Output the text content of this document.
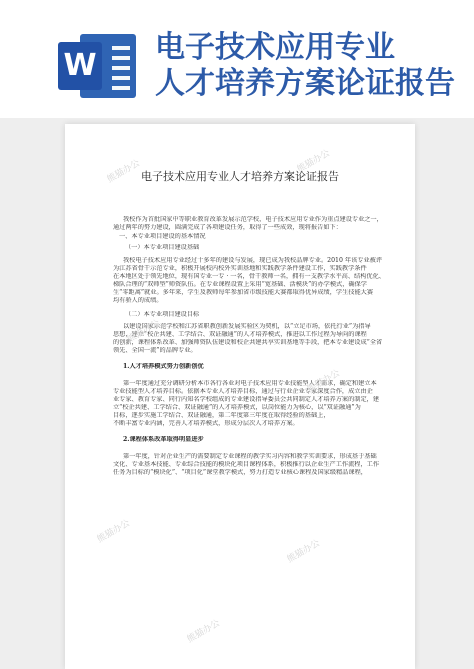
W
电子技术应用专业
人才培养方案论证报告
电子技术应用专业人才培养方案论证报告
我校作为首批国家中等职业教育改革发展示范学校，电子技术应用专业作为重点建设专业之一，
通过两年的努力建设，圆满完成了各项建设任务，取得了一些成效，现将报告如下：
一、本专业项目建设的基本情况
（一）本专业项目建设基础
我校电子技术应用专业经过十多年的建设与发展，现已成为我校品牌专业。2010 年该专业被评
为江苏省骨干示范专业，积极开展校内校外实训基地和实践教学条件建设工作，实践教学条件
在本地区处于领先地位，现有国专业一专 · 一名，骨干教师一名，拥有一支教学水平高、结构优化、
梯队合理的“双师型”师资队伍。在专业课程设置上采用“宽基础、活模块”的办学模式，确保学
生“零距离”就业。多年来，学生及教师每年参加省市级技能大赛都取得优异成绩，学生技能大赛
均有骄人的成绩。
（二）本专业项目建设目标
以建设国家示范学校和江苏省职教创新发展实验区为契机，以“立足市场，依托行业”为指导
思想，建立“校企共建、工学结合、双证融通”的人才培养模式，推进以工作过程为导向的课程
的创新，课程体系改革、加强师资队伍建设和校企共建共享实训基地等手段，把本专业建设成“全省
领先、全国一流”的品牌专业。
1.人才培养模式努力创新创优
第一年度通过充分调研分析本市各行各业对电子技术应用专业技能型人才需求，确定和建立本
专业技能型人才培养目标。依据本专业人才培养目标，通过与行业企业专家深度合作，成立由企
业专家、教育专家、同行内知名学校组成的专业建设指导委员会共同制定人才培养方案的制定，建
立“校企共建、工学结合、双证融通”的人才培养模式，以岗位能力为核心，以“双证融通”为
目标，逐步实施工学结合、双证融通，第二年度第三年度在取得经验的基础上，
不断丰富专业内涵，完善人才培养模式，形成分层次人才培养方案。
2.课程体系改革取得明显进步
第一年度，针对企业生产的需要制定专业课程的教学实习内容和教学实训要求，形成基于基础
文化、专业基本技能、专业综合技能的模块化项目课程体系，积极推行以企业生产工作流程，工作
任务为目标的“模块化”、“项目化”课堂教学模式，努力打造专业核心课程及国家级精品课程，
熊猫办公	熊猫办公
熊猫办公
熊猫办公
熊猫办公
熊猫办公
熊猫办公
